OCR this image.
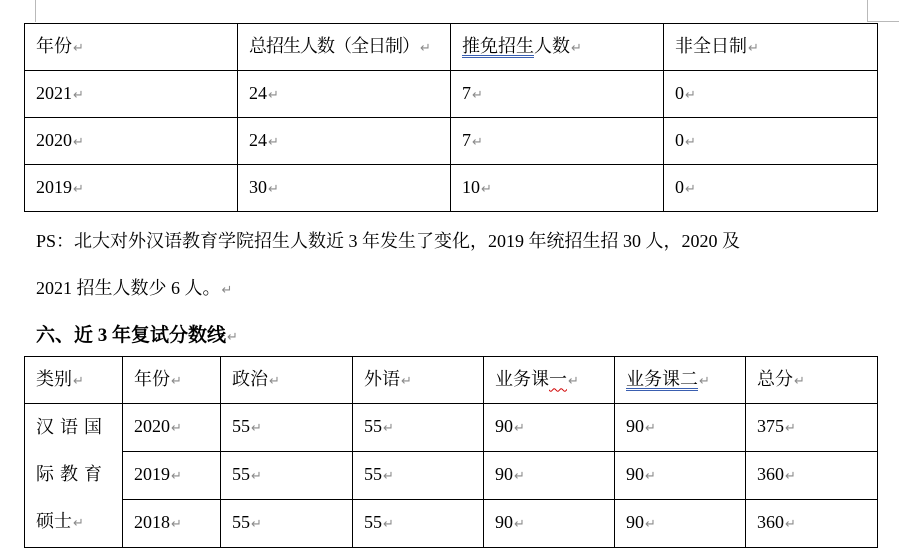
年份↵	总招生人数（全日制）↵	推免招生人数↵	非全日制↵
2021↵	24↵	7↵	0↵
2020↵	24↵	7↵	0↵
2019↵	30↵	10↵	0↵
PS：北大对外汉语教育学院招生人数近 3 年发生了变化，2019 年统招生招 30 人，2020 及
2021 招生人数少 6 人。↵
六、近 3 年复试分数线↵
类别↵	年份↵	政治↵	外语↵	业务课一↵	业务课二↵	总分↵

汉语国
际教育
硕士↵	2020↵	55↵	55↵	90↵	90↵	375↵
	2019↵	55↵	55↵	90↵	90↵	360↵
	2018↵	55↵	55↵	90↵	90↵	360↵
